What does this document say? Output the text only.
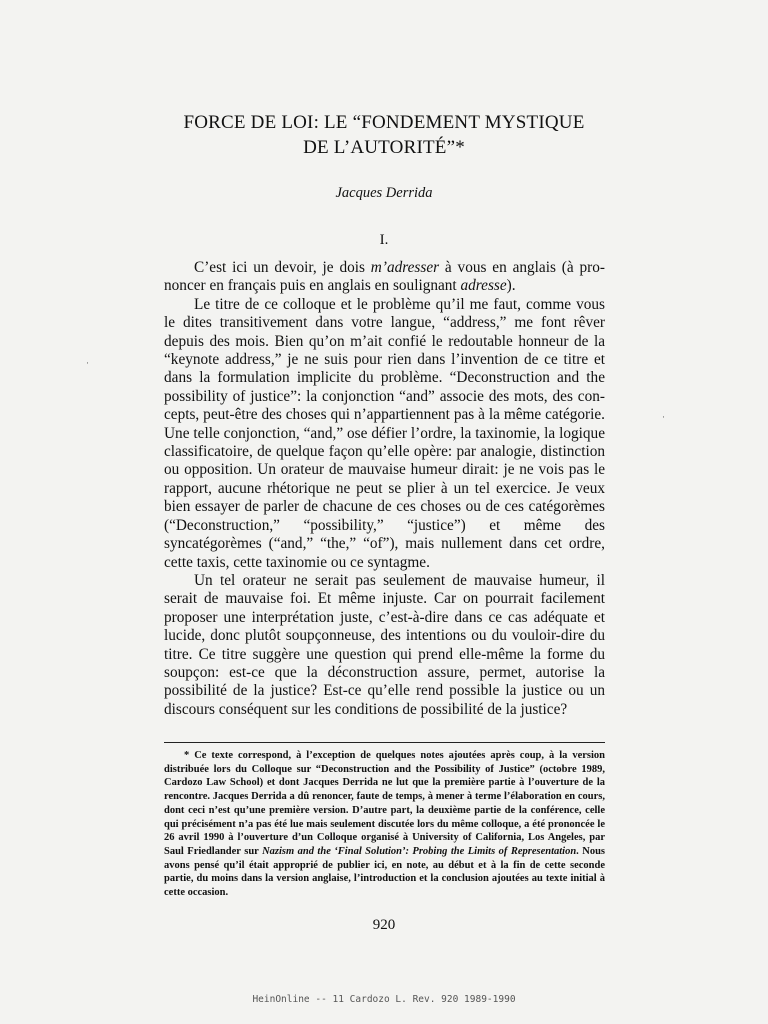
FORCE DE LOI: LE “FONDEMENT MYSTIQUE
DE L’AUTORITÉ”*
Jacques Derrida
I.

C’est ici un devoir, je dois m’adresser à vous en anglais (à prononcer en français puis en anglais en soulignant adresse).

Le titre de ce colloque et le problème qu’il me faut, comme vous le dites transitivement dans votre langue, “address,” me font rêver depuis des mois. Bien qu’on m’ait confié le redoutable honneur de la “keynote address,” je ne suis pour rien dans l’invention de ce titre et dans la formulation implicite du problème. “Deconstruction and the possibility of justice”: la conjonction “and” associe des mots, des concepts, peut-être des choses qui n’appartiennent pas à la même catégorie. Une telle conjonction, “and,” ose défier l’ordre, la taxinomie, la logique classificatoire, de quelque façon qu’elle opère: par analogie, distinction ou opposition. Un orateur de mauvaise humeur dirait: je ne vois pas le rapport, aucune rhétorique ne peut se plier à un tel exercice. Je veux bien essayer de parler de chacune de ces choses ou de ces catégorèmes (“Deconstruction,” “possibility,” “justice”) et même des syncatégorèmes (“and,” “the,” “of”), mais nullement dans cet ordre, cette taxis, cette taxinomie ou ce syntagme.

Un tel orateur ne serait pas seulement de mauvaise humeur, il serait de mauvaise foi. Et même injuste. Car on pourrait facilement proposer une interprétation juste, c’est-à-dire dans ce cas adéquate et lucide, donc plutôt soupçonneuse, des intentions ou du vouloir-dire du titre. Ce titre suggère une question qui prend elle-même la forme du soupçon: est-ce que la déconstruction assure, permet, autorise la possibilité de la justice? Est-ce qu’elle rend possible la justice ou un discours conséquent sur les conditions de possibilité de la justice?

* Ce texte correspond, à l’exception de quelques notes ajoutées après coup, à la version distribuée lors du Colloque sur “Deconstruction and the Possibility of Justice” (octobre 1989, Cardozo Law School) et dont Jacques Derrida ne lut que la première partie à l’ouverture de la rencontre. Jacques Derrida a dû renoncer, faute de temps, à mener à terme l’élaboration en cours, dont ceci n’est qu’une première version. D’autre part, la deuxième partie de la conférence, celle qui précisément n’a pas été lue mais seulement discutée lors du même colloque, a été prononcée le 26 avril 1990 à l’ouverture d’un Colloque organisé à University of California, Los Angeles, par Saul Friedlander sur Nazism and the ‘Final Solution’: Probing the Limits of Representation. Nous avons pensé qu’il était approprié de publier ici, en note, au début et à la fin de cette seconde partie, du moins dans la version anglaise, l’introduction et la conclusion ajoutées au texte initial à cette occasion.
920
HeinOnline -- 11 Cardozo L. Rev. 920 1989-1990
·
·
